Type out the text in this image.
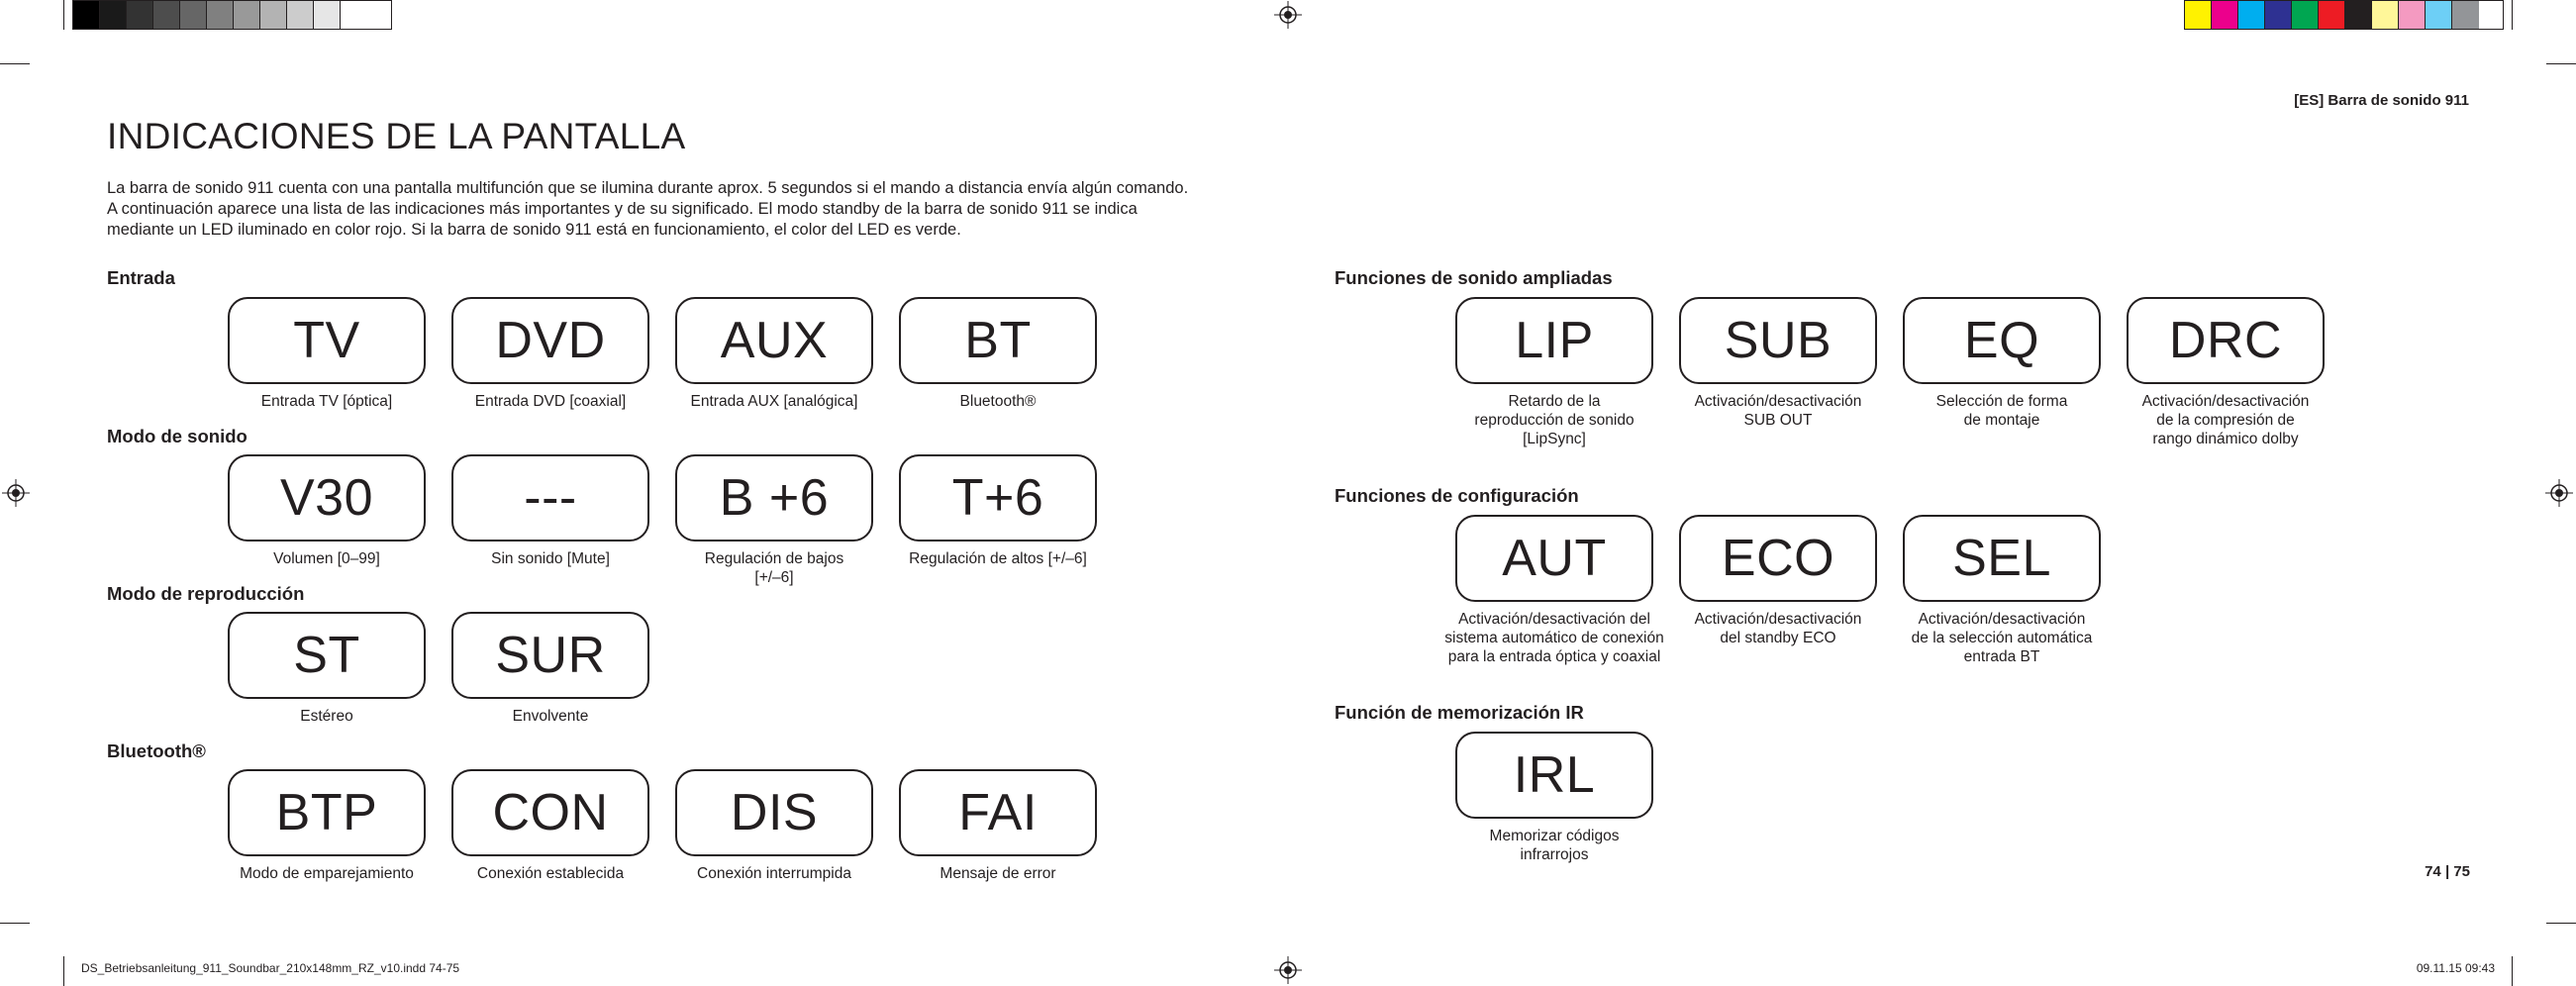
[ES] Barra de sonido 911
INDICACIONES DE LA PANTALLA

La barra de sonido 911 cuenta con una pantalla multifunción que se ilumina durante aprox. 5 segundos si el mando a distancia envía algún comando.

A continuación aparece una lista de las indicaciones más importantes y de su significado. El modo standby de la barra de sonido 911 se indica

mediante un LED iluminado en color rojo. Si la barra de sonido 911 está en funcionamiento, el color del LED es verde.

Entrada
TV
Entrada TV [óptica]
DVD
Entrada DVD [coaxial]
AUX
Entrada AUX [analógica]
BT
Bluetooth®
Modo de sonido
V30
Volumen [0–99]
---
Sin sonido [Mute]
B +6
Regulación de bajos
[+/–6]
T+6
Regulación de altos [+/–6]
Modo de reproducción
ST
Estéreo
SUR
Envolvente
Bluetooth®
BTP
Modo de emparejamiento
CON
Conexión establecida
DIS
Conexión interrumpida
FAI
Mensaje de error
Funciones de sonido ampliadas
LIP
Retardo de la
reproducción de sonido
[LipSync]
SUB
Activación/desactivación
SUB OUT
EQ
Selección de forma
de montaje
DRC
Activación/desactivación
de la compresión de
rango dinámico dolby
Funciones de configuración
AUT
Activación/desactivación del
sistema automático de conexión
para la entrada óptica y coaxial
ECO
Activación/desactivación
del standby ECO
SEL
Activación/desactivación
de la selección automática
entrada BT
Función de memorización IR
IRL
Memorizar códigos
infrarrojos
74 | 75
DS_Betriebsanleitung_911_Soundbar_210x148mm_RZ_v10.indd 74-75	09.11.15 09:43
